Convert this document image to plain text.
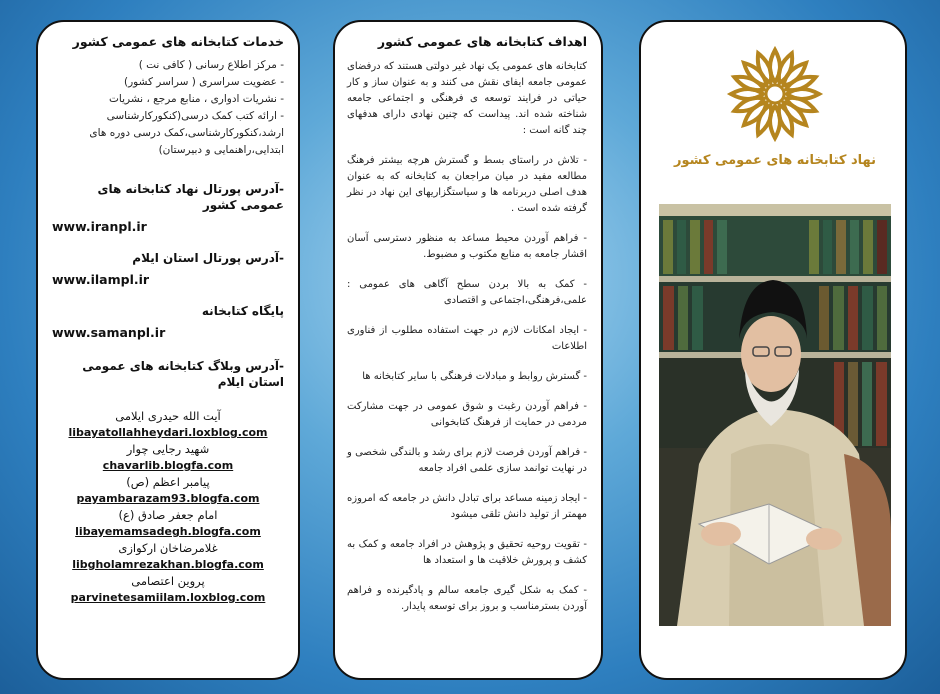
خدمات کتابخانه های عمومی کشور
- مرکز اطلاع رسانی ( کافی نت )
- عضویت سراسری ( سراسر کشور)
- نشریات ادواری ، منابع مرجع ، نشریات
- ارائه کتب کمک درسی(کنکورکارشناسی ارشد،کنکورکارشناسی،کمک درسی دوره های ابتدایی،راهنمایی و دبیرستان)
-آدرس پورتال نهاد کتابخانه های عمومی کشور
www.iranpl.ir
-آدرس پورتال استان ایلام
www.ilampl.ir
پایگاه کتابخانه
www.samanpl.ir
-آدرس وبلاگ کتابخانه های عمومی استان ایلام
آیت الله حیدری ایلامی
libayatollahheydari.loxblog.com
شهید رجایی چوار
chavarlib.blogfa.com
پیامبر اعظم (ص)
payambarazam93.blogfa.com
امام جعفر صادق (ع)
libayemamsadegh.blogfa.com
غلامرضاخان ارکوازی
libgholamrezakhan.blogfa.com
پروین اعتصامی
parvinetesamiilam.loxblog.com
اهداف کتابخانه های عمومی کشور

کتابخانه های عمومی یک نهاد غیر دولتی هستند که درفضای عمومی جامعه ایفای نقش می کنند و به عنوان ساز و کار حیاتی در فرایند توسعه ی فرهنگی و اجتماعی جامعه شناخته شده اند. پیداست که چنین نهادی دارای هدفهای چند گانه است :

- تلاش در راستای بسط و گسترش هرچه بیشتر فرهنگ مطالعه مفید در میان مراجعان به کتابخانه که به عنوان هدف اصلی دربرنامه ها و سیاستگزاریهای این نهاد در نظر گرفته شده است .

- فراهم آوردن محیط مساعد به منظور دسترسی آسان اقشار جامعه به منابع مکتوب و مضبوط.

- کمک به بالا بردن سطح آگاهی های عمومی : علمی،فرهنگی،اجتماعی و اقتصادی

- ایجاد امکانات لازم در جهت استفاده مطلوب از فناوری اطلاعات

- گسترش روابط و مبادلات فرهنگی با سایر کتابخانه ها

- فراهم آوردن رغبت و شوق عمومی در جهت مشارکت مردمی در حمایت از فرهنگ کتابخوانی

- فراهم آوردن فرصت لازم برای رشد و بالندگی شخصی و در نهایت توانمد سازی علمی افراد جامعه

- ایجاد زمینه مساعد برای تبادل دانش در جامعه که امروزه مهمتر از تولید دانش تلقی میشود

- تقویت روحیه تحقیق و پژوهش در افراد جامعه و کمک به کشف و پرورش خلاقیت ها و استعداد ها

- کمک به شکل گیری جامعه سالم و پادگیرنده و فراهم آوردن بسترمناسب و بروز برای توسعه پایدار.

نهاد کتابخانه های عمومی کشور
